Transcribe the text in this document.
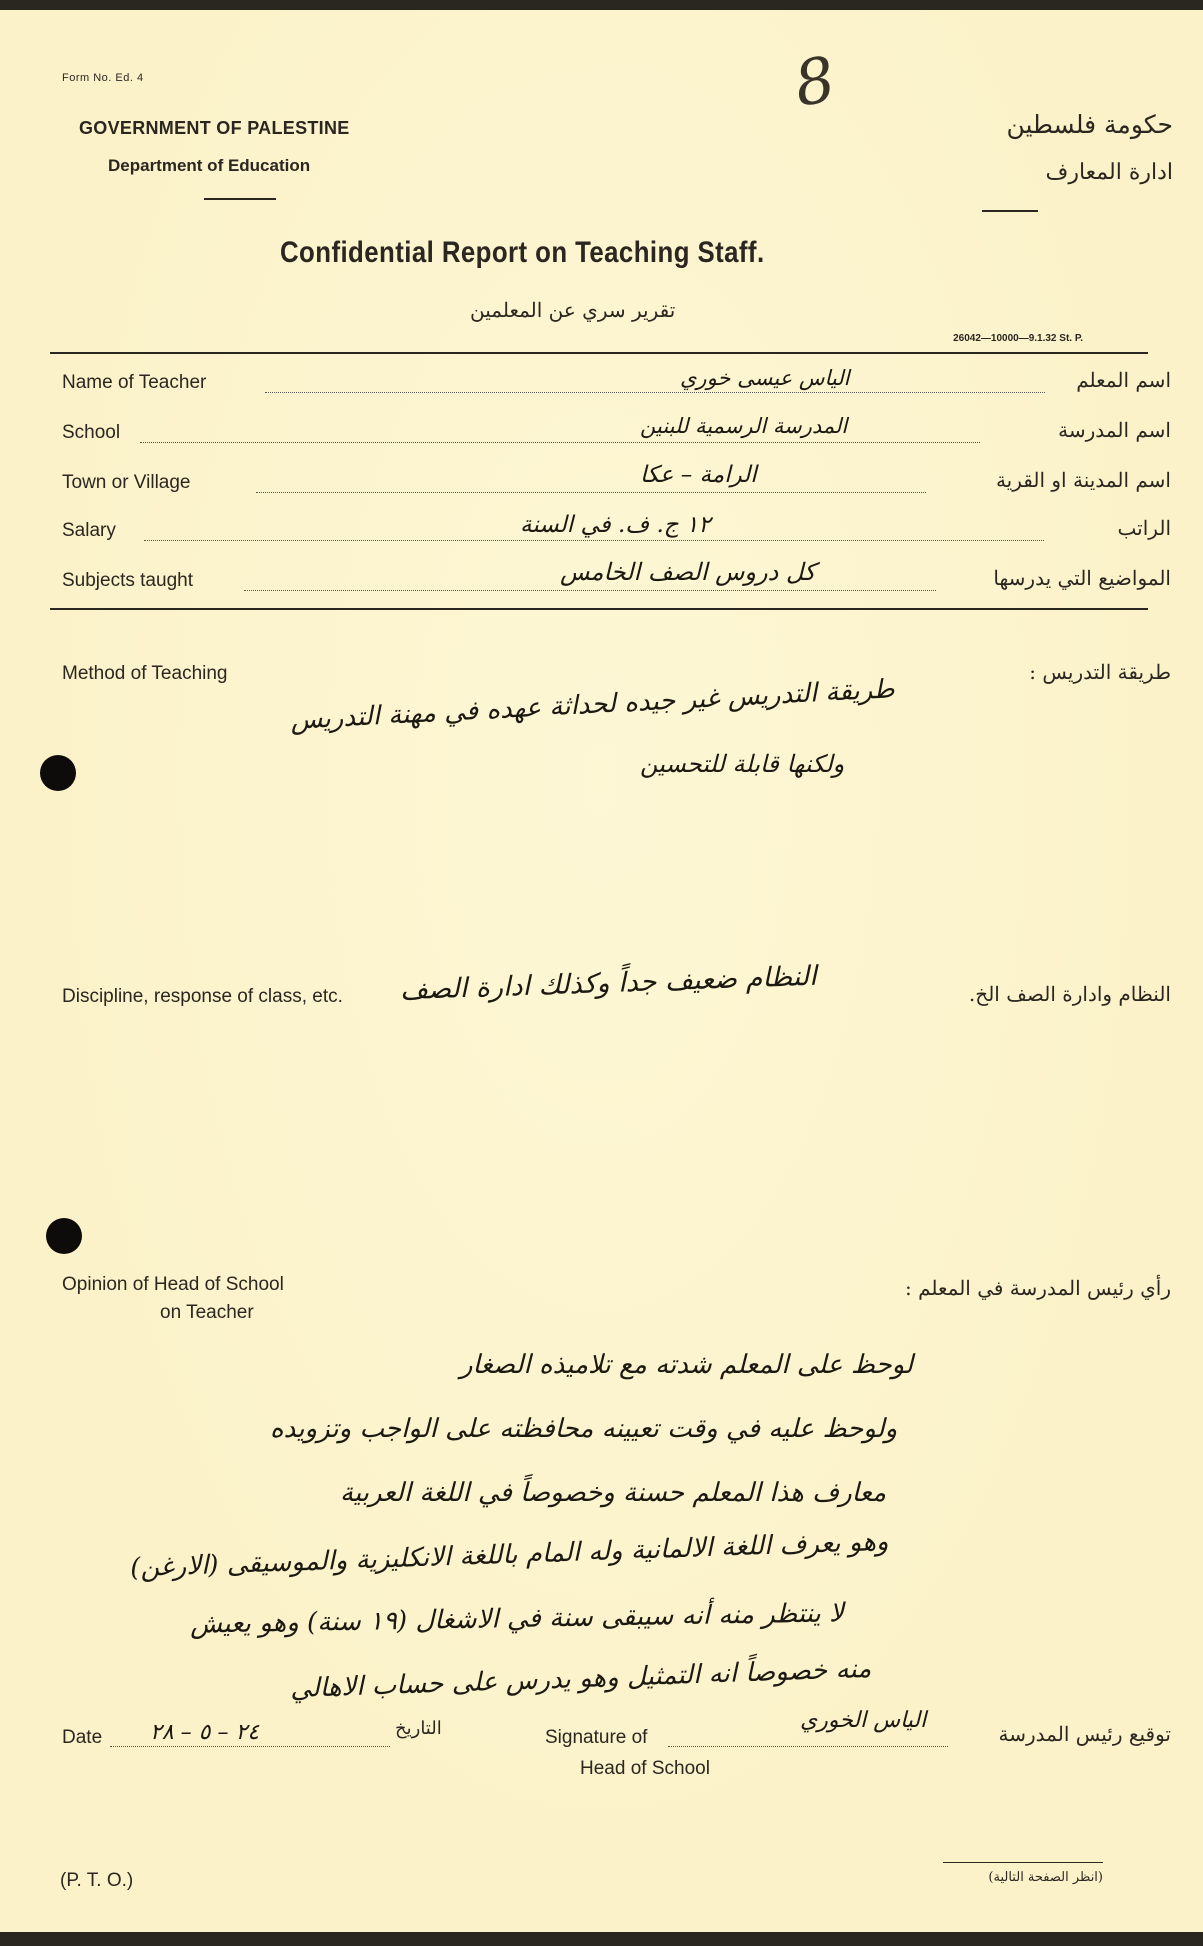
Form No. Ed. 4	8
GOVERNMENT OF PALESTINE
Department of Education
حكومة فلسطين
ادارة المعارف
Confidential Report on Teaching Staff.
تقرير سري عن المعلمين
26042—10000—9.1.32 St. P.
Name of Teacher	الياس عيسى خوري	اسم المعلم
School	المدرسة الرسمية للبنين	اسم المدرسة
Town or Village	الرامة – عكا	اسم المدينة او القرية
Salary	١٢ ج. ف. في السنة	الراتب
Subjects taught	كل دروس الصف الخامس	المواضيع التي يدرسها
Method of Teaching	طريقة التدريس :
طريقة التدريس غير جيده لحداثة عهده في مهنة التدريس
ولكنها قابلة للتحسين
Discipline, response of class, etc.	النظام وادارة الصف الخ.
النظام ضعيف جداً وكذلك ادارة الصف
Opinion of Head of School
on Teacher
رأي رئيس المدرسة في المعلم :
لوحظ على المعلم شدته مع تلاميذه الصغار
ولوحظ عليه في وقت تعيينه محافظته على الواجب وتزويده
معارف هذا المعلم حسنة وخصوصاً في اللغة العربية
وهو يعرف اللغة الالمانية وله المام باللغة الانكليزية والموسيقى (الارغن)
لا ينتظر منه أنه سيبقى سنة في الاشغال (١٩ سنة) وهو يعيش
منه خصوصاً انه التمثيل وهو يدرس على حساب الاهالي
Date ٢٤ – ٥ – ٢٨	التاريخ	Signature of
الياس الخوري
توقيع رئيس المدرسة
Head of School
(P. T. O.)	(انظر الصفحة التالية)
